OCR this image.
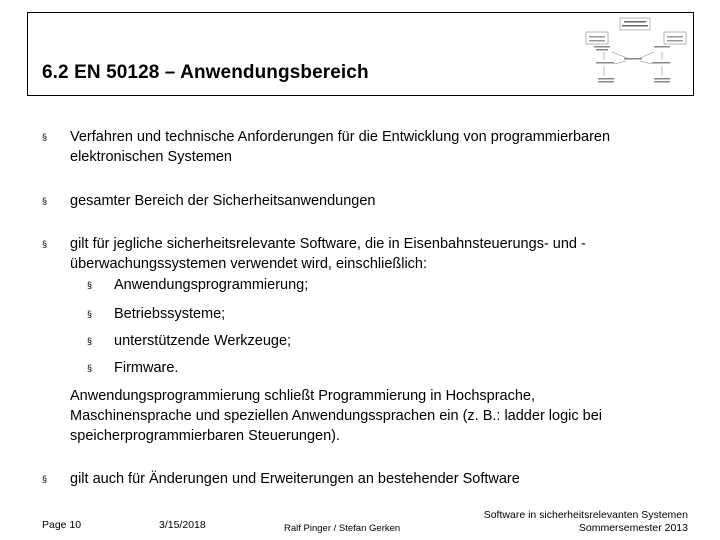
6.2 EN 50128 – Anwendungsbereich
§ Verfahren und technische Anforderungen für die Entwicklung von programmierbaren
elektronischen Systemen
§ gesamter Bereich der Sicherheitsanwendungen
§ gilt für jegliche sicherheitsrelevante Software, die in Eisenbahnsteuerungs- und -
überwachungssystemen verwendet wird, einschließlich:
§ Anwendungsprogrammierung;
§ Betriebssysteme;
§ unterstützende Werkzeuge;
§ Firmware.
Anwendungsprogrammierung schließt Programmierung in Hochsprache,
Maschinensprache und speziellen Anwendungssprachen ein (z. B.: ladder logic bei
speicherprogrammierbaren Steuerungen).
§ gilt auch für Änderungen und Erweiterungen an bestehender Software
Page 10	3/15/2018	Ralf Pinger / Stefan Gerken
Software in sicherheitsrelevanten Systemen
Sommersemester 2013
